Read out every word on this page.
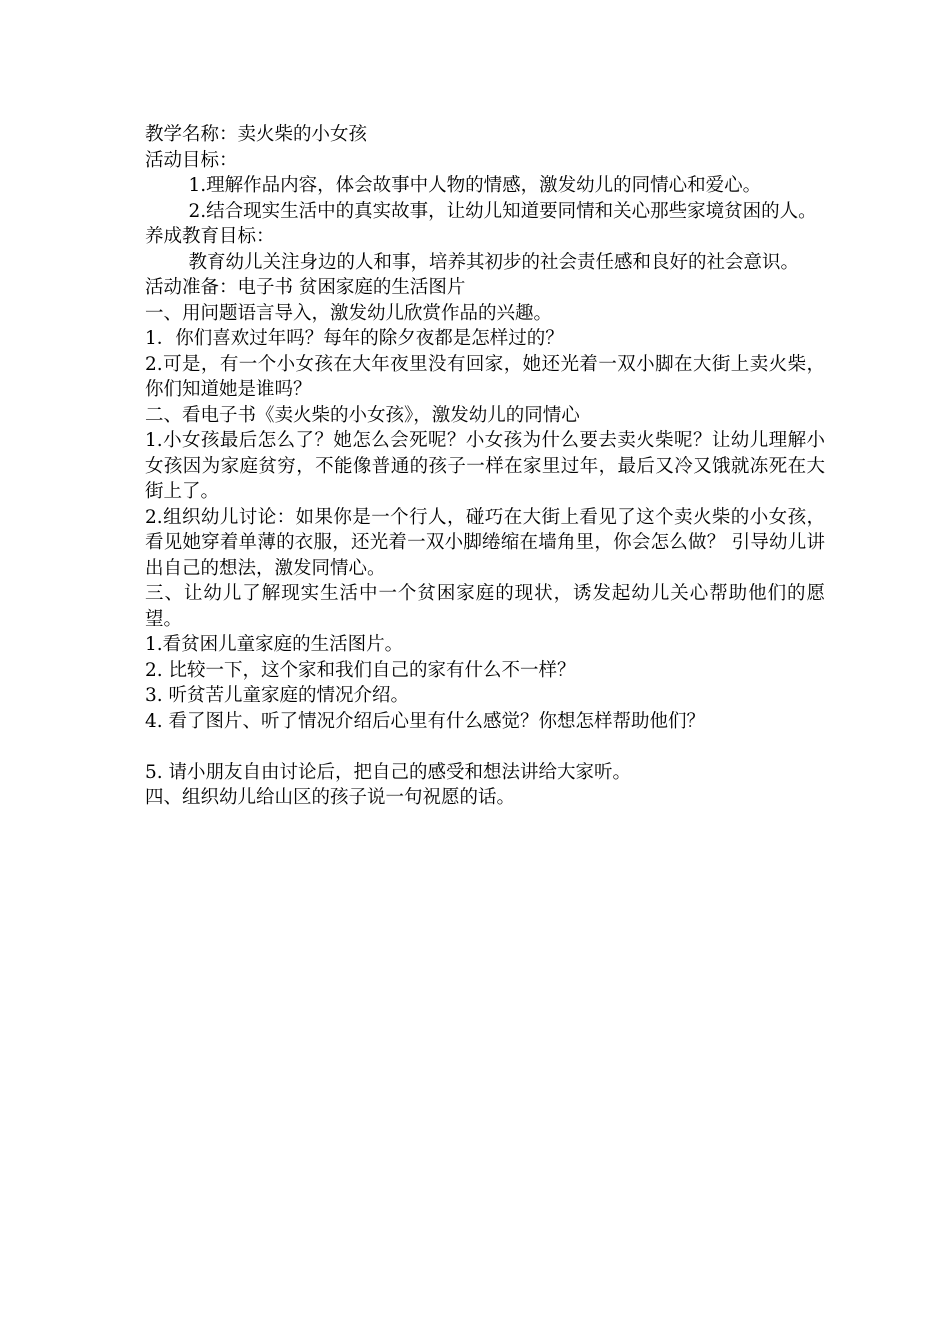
教学名称：卖火柴的小女孩

活动目标：

1.理解作品内容，体会故事中人物的情感，激发幼儿的同情心和爱心。

2.结合现实生活中的真实故事，让幼儿知道要同情和关心那些家境贫困的人。

养成教育目标：

教育幼儿关注身边的人和事，培养其初步的社会责任感和良好的社会意识。

活动准备：电子书 贫困家庭的生活图片

一、用问题语言导入，激发幼儿欣赏作品的兴趣。

1．你们喜欢过年吗？每年的除夕夜都是怎样过的？

2.可是，有一个小女孩在大年夜里没有回家，她还光着一双小脚在大街上卖火柴，你们知道她是谁吗？

二、看电子书《卖火柴的小女孩》，激发幼儿的同情心

1.小女孩最后怎么了？她怎么会死呢？小女孩为什么要去卖火柴呢？让幼儿理解小女孩因为家庭贫穷，不能像普通的孩子一样在家里过年，最后又冷又饿就冻死在大街上了。

2.组织幼儿讨论：如果你是一个行人，碰巧在大街上看见了这个卖火柴的小女孩，看见她穿着单薄的衣服，还光着一双小脚绻缩在墙角里，你会怎么做？ 引导幼儿讲出自己的想法，激发同情心。

三、让幼儿了解现实生活中一个贫困家庭的现状，诱发起幼儿关心帮助他们的愿望。

1.看贫困儿童家庭的生活图片。

2. 比较一下，这个家和我们自己的家有什么不一样？

3. 听贫苦儿童家庭的情况介绍。

4. 看了图片、听了情况介绍后心里有什么感觉？你想怎样帮助他们？

5. 请小朋友自由讨论后，把自己的感受和想法讲给大家听。

四、组织幼儿给山区的孩子说一句祝愿的话。
